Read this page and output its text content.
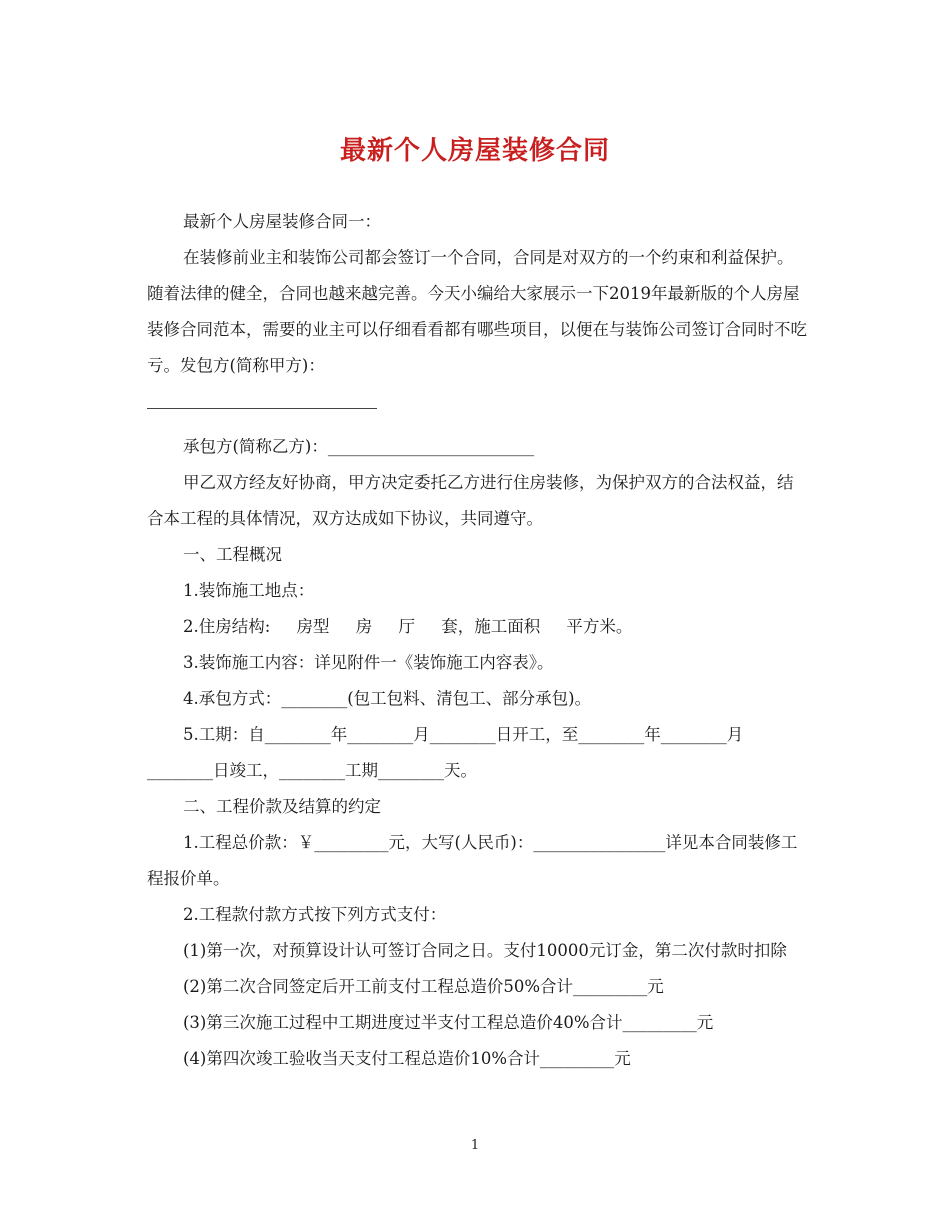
最新个人房屋装修合同

最新个人房屋装修合同一：

在装修前业主和装饰公司都会签订一个合同，合同是对双方的一个约束和利益保护。随着法律的健全，合同也越来越完善。今天小编给大家展示一下2019年最新版的个人房屋装修合同范本，需要的业主可以仔细看看都有哪些项目，以便在与装饰公司签订合同时不吃亏。发包方(简称甲方)：

承包方(简称乙方)：_________________________

甲乙双方经友好协商，甲方决定委托乙方进行住房装修，为保护双方的合法权益，结合本工程的具体情况，双方达成如下协议，共同遵守。

一、工程概况

1.装饰施工地点：

2.住房结构:     房型     房     厅     套，施工面积     平方米。

3.装饰施工内容：详见附件一《装饰施工内容表》。

4.承包方式：________(包工包料、清包工、部分承包)。

5.工期：自________年________月________日开工，至________年________月________日竣工，________工期________天。

二、工程价款及结算的约定

1.工程总价款：￥_________元，大写(人民币)：________________详见本合同装修工程报价单。

2.工程款付款方式按下列方式支付：

(1)第一次，对预算设计认可签订合同之日。支付10000元订金，第二次付款时扣除

(2)第二次合同签定后开工前支付工程总造价50%合计_________元

(3)第三次施工过程中工期进度过半支付工程总造价40%合计_________元

(4)第四次竣工验收当天支付工程总造价10%合计_________元

1
